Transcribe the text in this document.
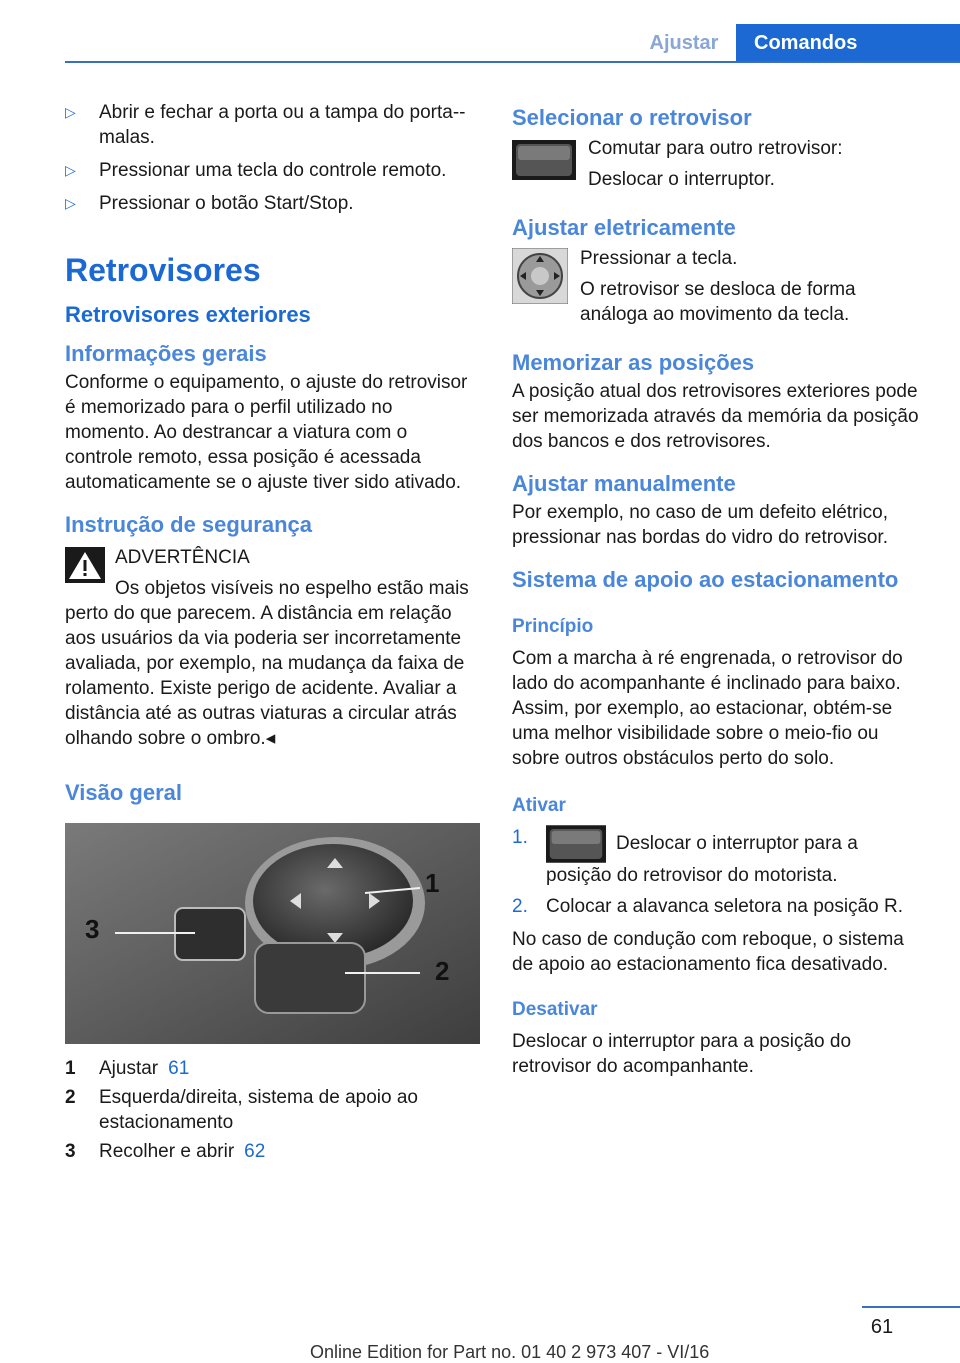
Ajustar	Comandos
▷ Abrir e fechar a porta ou a tampa do porta--malas.
▷ Pressionar uma tecla do controle remoto.
▷ Pressionar o botão Start/Stop.
Retrovisores
Retrovisores exteriores
Informações gerais

Conforme o equipamento, o ajuste do retrovisor é memorizado para o perfil utilizado no momento. Ao destrancar a viatura com o controle remoto, essa posição é acessada automaticamente se o ajuste tiver sido ativado.

Instrução de segurança

ADVERTÊNCIA

Os objetos visíveis no espelho estão mais perto do que parecem. A distância em relação aos usuários da via poderia ser incorretamente avaliada, por exemplo, na mudança da faixa de rolamento. Existe perigo de acidente. Avaliar a distância até as outras viaturas a circular atrás olhando sobre o ombro.◂

Visão geral
1
2
3
1	Ajustar 61
2	Esquerda/direita, sistema de apoio ao estacionamento
3	Recolher e abrir 62
Selecionar o retrovisor

Comutar para outro retrovisor:

Deslocar o interruptor.

Ajustar eletricamente

Pressionar a tecla.

O retrovisor se desloca de forma análoga ao movimento da tecla.

Memorizar as posições

A posição atual dos retrovisores exteriores pode ser memorizada através da memória da posição dos bancos e dos retrovisores.

Ajustar manualmente

Por exemplo, no caso de um defeito elétrico, pressionar nas bordas do vidro do retrovisor.

Sistema de apoio ao estacionamento
Princípio

Com a marcha à ré engrenada, o retrovisor do lado do acompanhante é inclinado para baixo. Assim, por exemplo, ao estacionar, obtém-se uma melhor visibilidade sobre o meio-fio ou sobre outros obstáculos perto do solo.

Ativar
1.	Deslocar o interruptor para a posição do retrovisor do motorista.
2. Colocar a alavanca seletora na posição R.

No caso de condução com reboque, o sistema de apoio ao estacionamento fica desativado.

Desativar

Deslocar o interruptor para a posição do retrovisor do acompanhante.

61
Online Edition for Part no. 01 40 2 973 407 - VI/16
